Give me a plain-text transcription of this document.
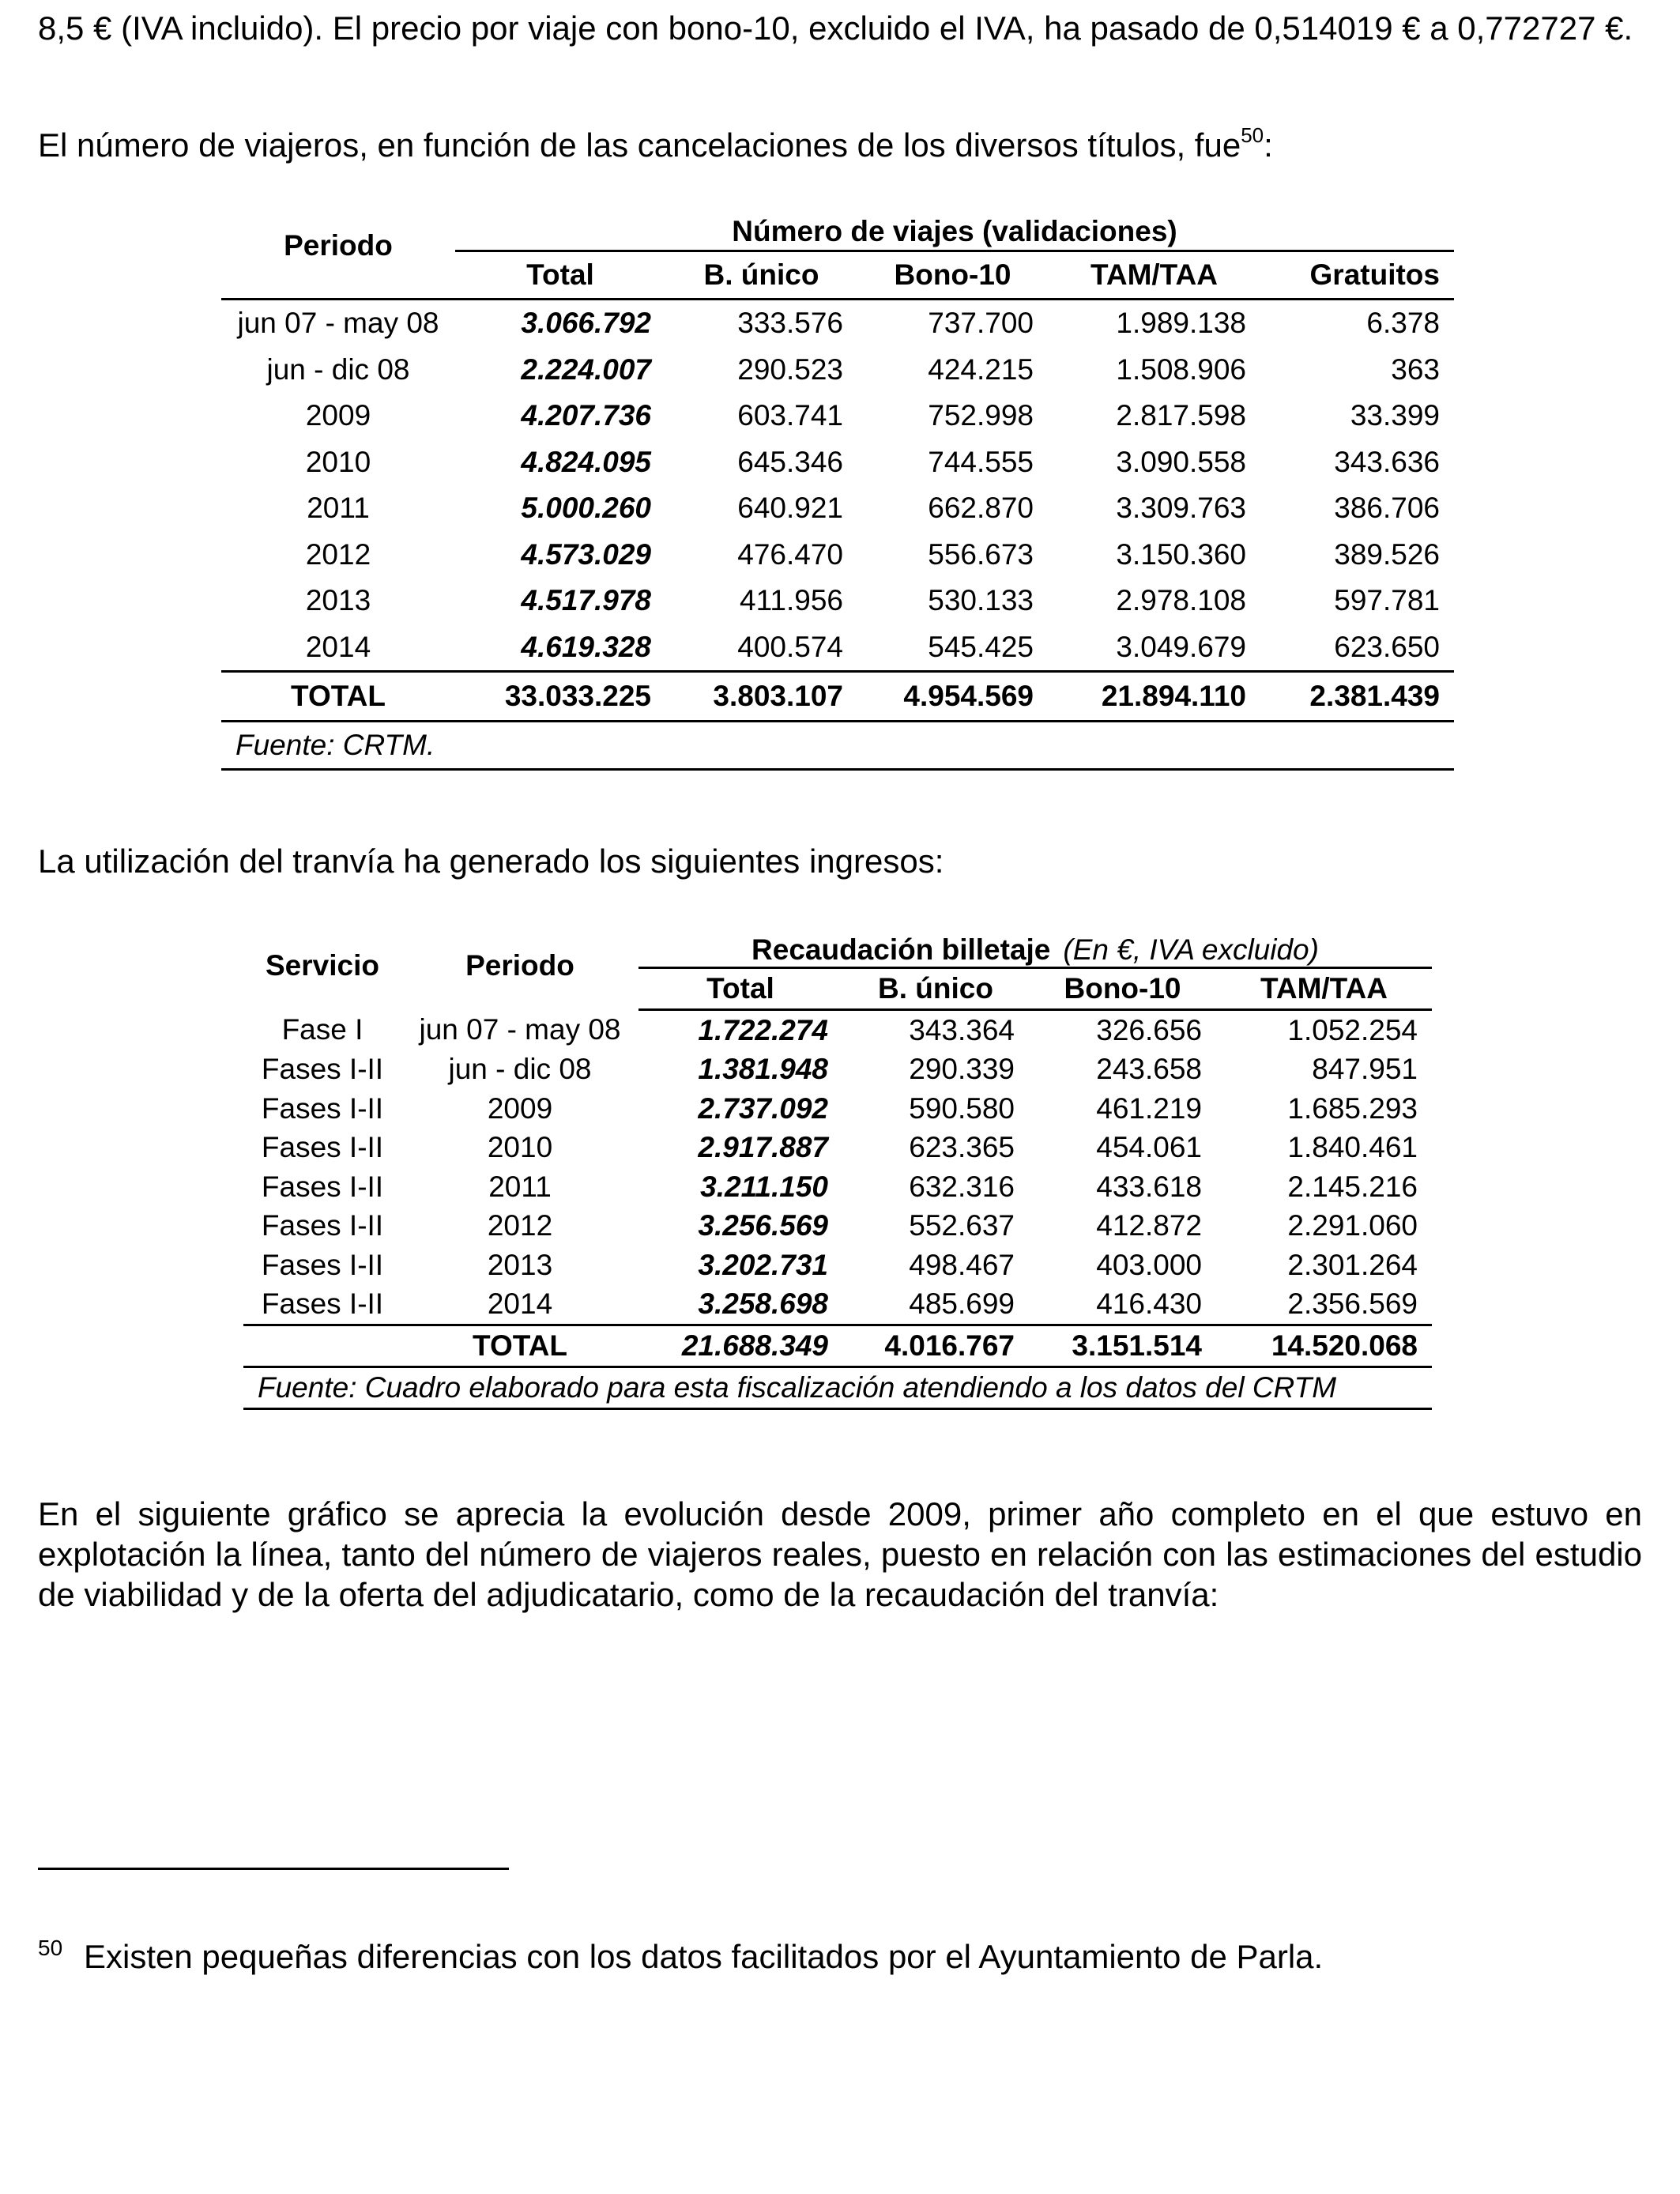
8,5 € (IVA incluido). El precio por viaje con bono-10, excluido el IVA, ha pasado de 0,514019 € a 0,772727 €.

El número de viajeros, en función de las cancelaciones de los diversos títulos, fue$^{50}$:

Periodo	Número de viajes (validaciones)				
	Total	B. único	Bono-10	TAM/TAA	Gratuitos
jun 07 - may 08	3.066.792	333.576	737.700	1.989.138	6.378
jun - dic 08	2.224.007	290.523	424.215	1.508.906	363
2009	4.207.736	603.741	752.998	2.817.598	33.399
2010	4.824.095	645.346	744.555	3.090.558	343.636
2011	5.000.260	640.921	662.870	3.309.763	386.706
2012	4.573.029	476.470	556.673	3.150.360	389.526
2013	4.517.978	411.956	530.133	2.978.108	597.781
2014	4.619.328	400.574	545.425	3.049.679	623.650
TOTAL	33.033.225	3.803.107	4.954.569	21.894.110	2.381.439
Fuente: CRTM.					

La utilización del tranvía ha generado los siguientes ingresos:

Servicio	Periodo	Recaudación billetaje (En €, IVA excluido)			
		Total	B. único	Bono-10	TAM/TAA
Fase I	jun 07 - may 08	1.722.274	343.364	326.656	1.052.254
Fases I-II	jun - dic 08	1.381.948	290.339	243.658	847.951
Fases I-II	2009	2.737.092	590.580	461.219	1.685.293
Fases I-II	2010	2.917.887	623.365	454.061	1.840.461
Fases I-II	2011	3.211.150	632.316	433.618	2.145.216
Fases I-II	2012	3.256.569	552.637	412.872	2.291.060
Fases I-II	2013	3.202.731	498.467	403.000	2.301.264
Fases I-II	2014	3.258.698	485.699	416.430	2.356.569
	TOTAL	21.688.349	4.016.767	3.151.514	14.520.068
Fuente: Cuadro elaborado para esta fiscalización atendiendo a los datos del CRTM					

En el siguiente gráfico se aprecia la evolución desde 2009, primer año completo en el que estuvo en explotación la línea, tanto del número de viajeros reales, puesto en relación con las estimaciones del estudio de viabilidad y de la oferta del adjudicatario, como de la recaudación del tranvía:

50 Existen pequeñas diferencias con los datos facilitados por el Ayuntamiento de Parla.
